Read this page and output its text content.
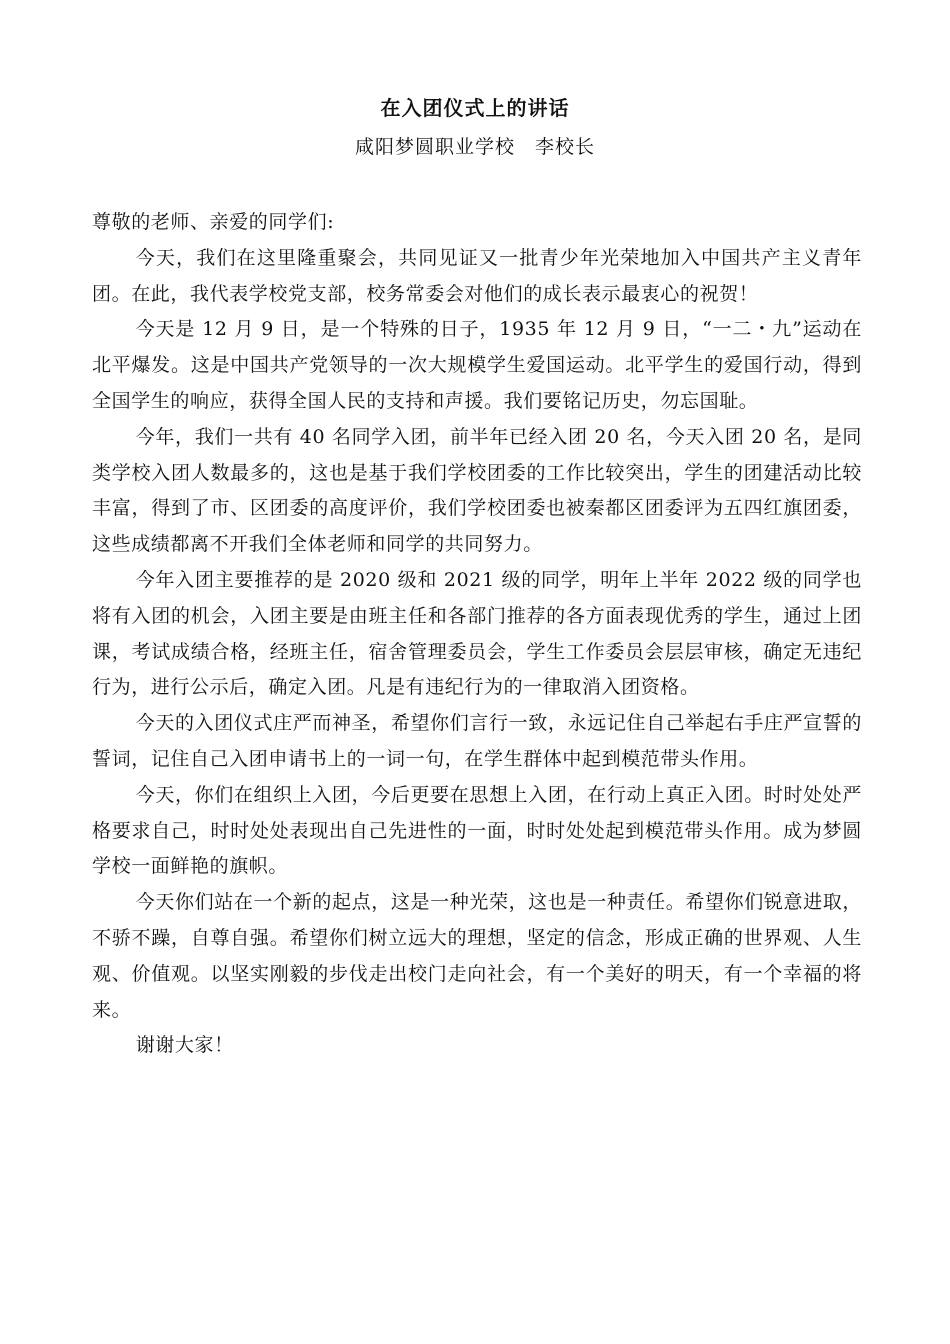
在入团仪式上的讲话
咸阳梦圆职业学校　李校长

尊敬的老师、亲爱的同学们:

今天，我们在这里隆重聚会，共同见证又一批青少年光荣地加入中国共产主义青年团。在此，我代表学校党支部，校务常委会对他们的成长表示最衷心的祝贺！

今天是 12 月 9 日，是一个特殊的日子，1935 年 12 月 9 日，“一二・九”运动在北平爆发。这是中国共产党领导的一次大规模学生爱国运动。北平学生的爱国行动，得到全国学生的响应，获得全国人民的支持和声援。我们要铭记历史，勿忘国耻。

今年，我们一共有 40 名同学入团，前半年已经入团 20 名，今天入团 20 名，是同类学校入团人数最多的，这也是基于我们学校团委的工作比较突出，学生的团建活动比较丰富，得到了市、区团委的高度评价，我们学校团委也被秦都区团委评为五四红旗团委，这些成绩都离不开我们全体老师和同学的共同努力。

今年入团主要推荐的是 2020 级和 2021 级的同学，明年上半年 2022 级的同学也将有入团的机会，入团主要是由班主任和各部门推荐的各方面表现优秀的学生，通过上团课，考试成绩合格，经班主任，宿舍管理委员会，学生工作委员会层层审核，确定无违纪行为，进行公示后，确定入团。凡是有违纪行为的一律取消入团资格。

今天的入团仪式庄严而神圣，希望你们言行一致，永远记住自己举起右手庄严宣誓的誓词，记住自己入团申请书上的一词一句，在学生群体中起到模范带头作用。

今天，你们在组织上入团，今后更要在思想上入团，在行动上真正入团。时时处处严格要求自己，时时处处表现出自己先进性的一面，时时处处起到模范带头作用。成为梦圆学校一面鲜艳的旗帜。

今天你们站在一个新的起点，这是一种光荣，这也是一种责任。希望你们锐意进取，不骄不躁，自尊自强。希望你们树立远大的理想，坚定的信念，形成正确的世界观、人生观、价值观。以坚实刚毅的步伐走出校门走向社会，有一个美好的明天，有一个幸福的将来。

谢谢大家！
